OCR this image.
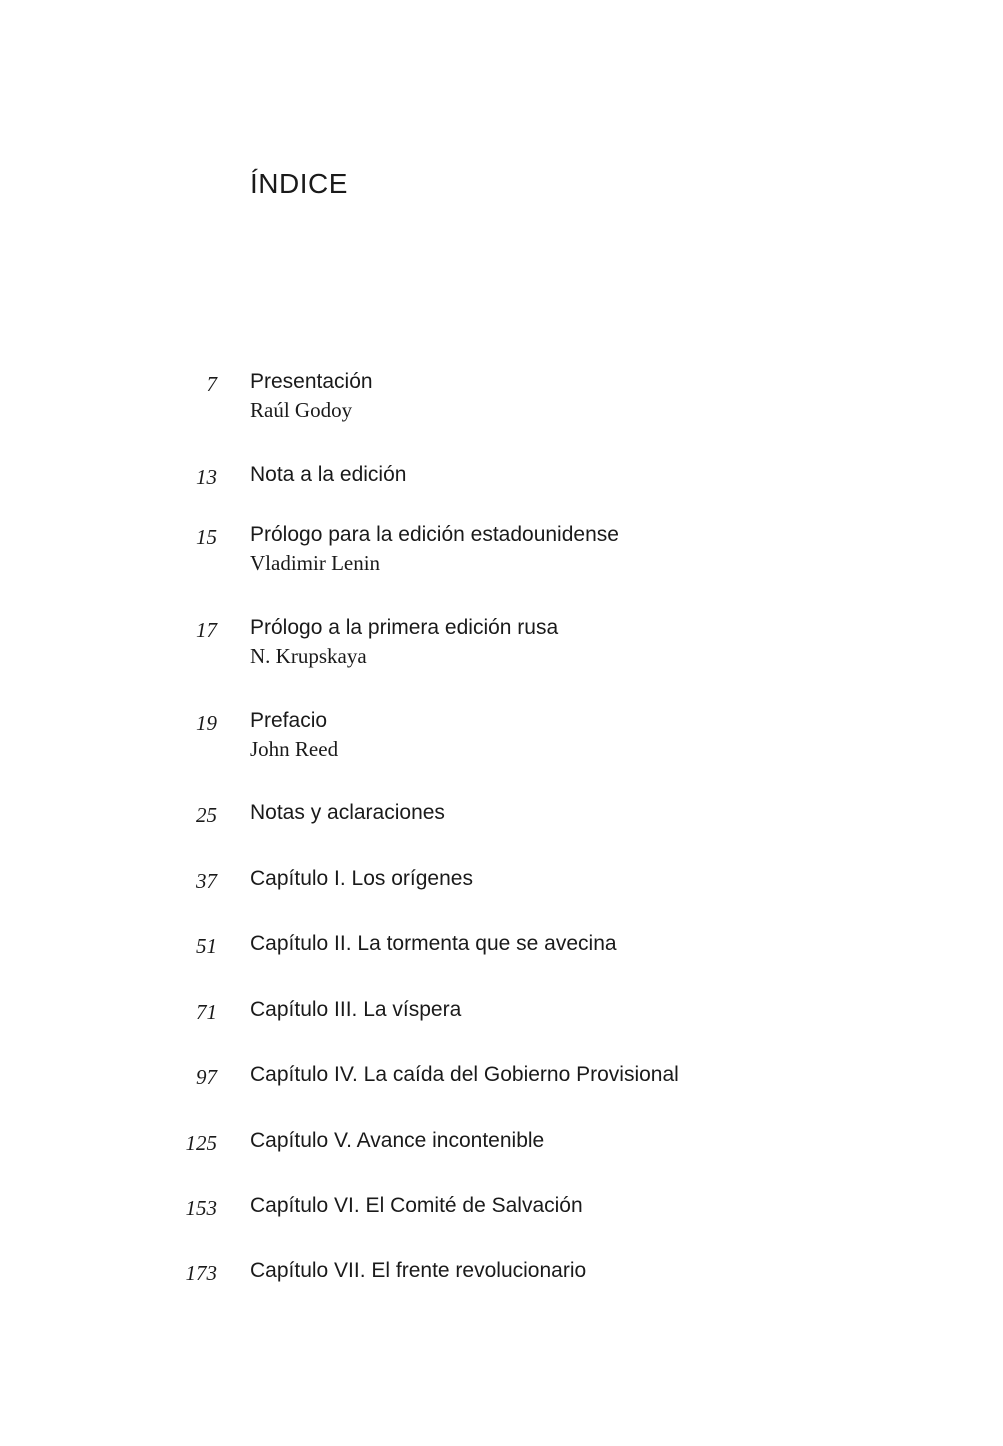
ÍNDICE
7 Presentación
Raúl Godoy
13 Nota a la edición
15 Prólogo para la edición estadounidense
Vladimir Lenin
17 Prólogo a la primera edición rusa
N. Krupskaya
19 Prefacio
John Reed
25 Notas y aclaraciones
37 Capítulo I. Los orígenes
51 Capítulo II. La tormenta que se avecina
71 Capítulo III. La víspera
97 Capítulo IV. La caída del Gobierno Provisional
125 Capítulo V. Avance incontenible
153 Capítulo VI. El Comité de Salvación
173 Capítulo VII. El frente revolucionario
